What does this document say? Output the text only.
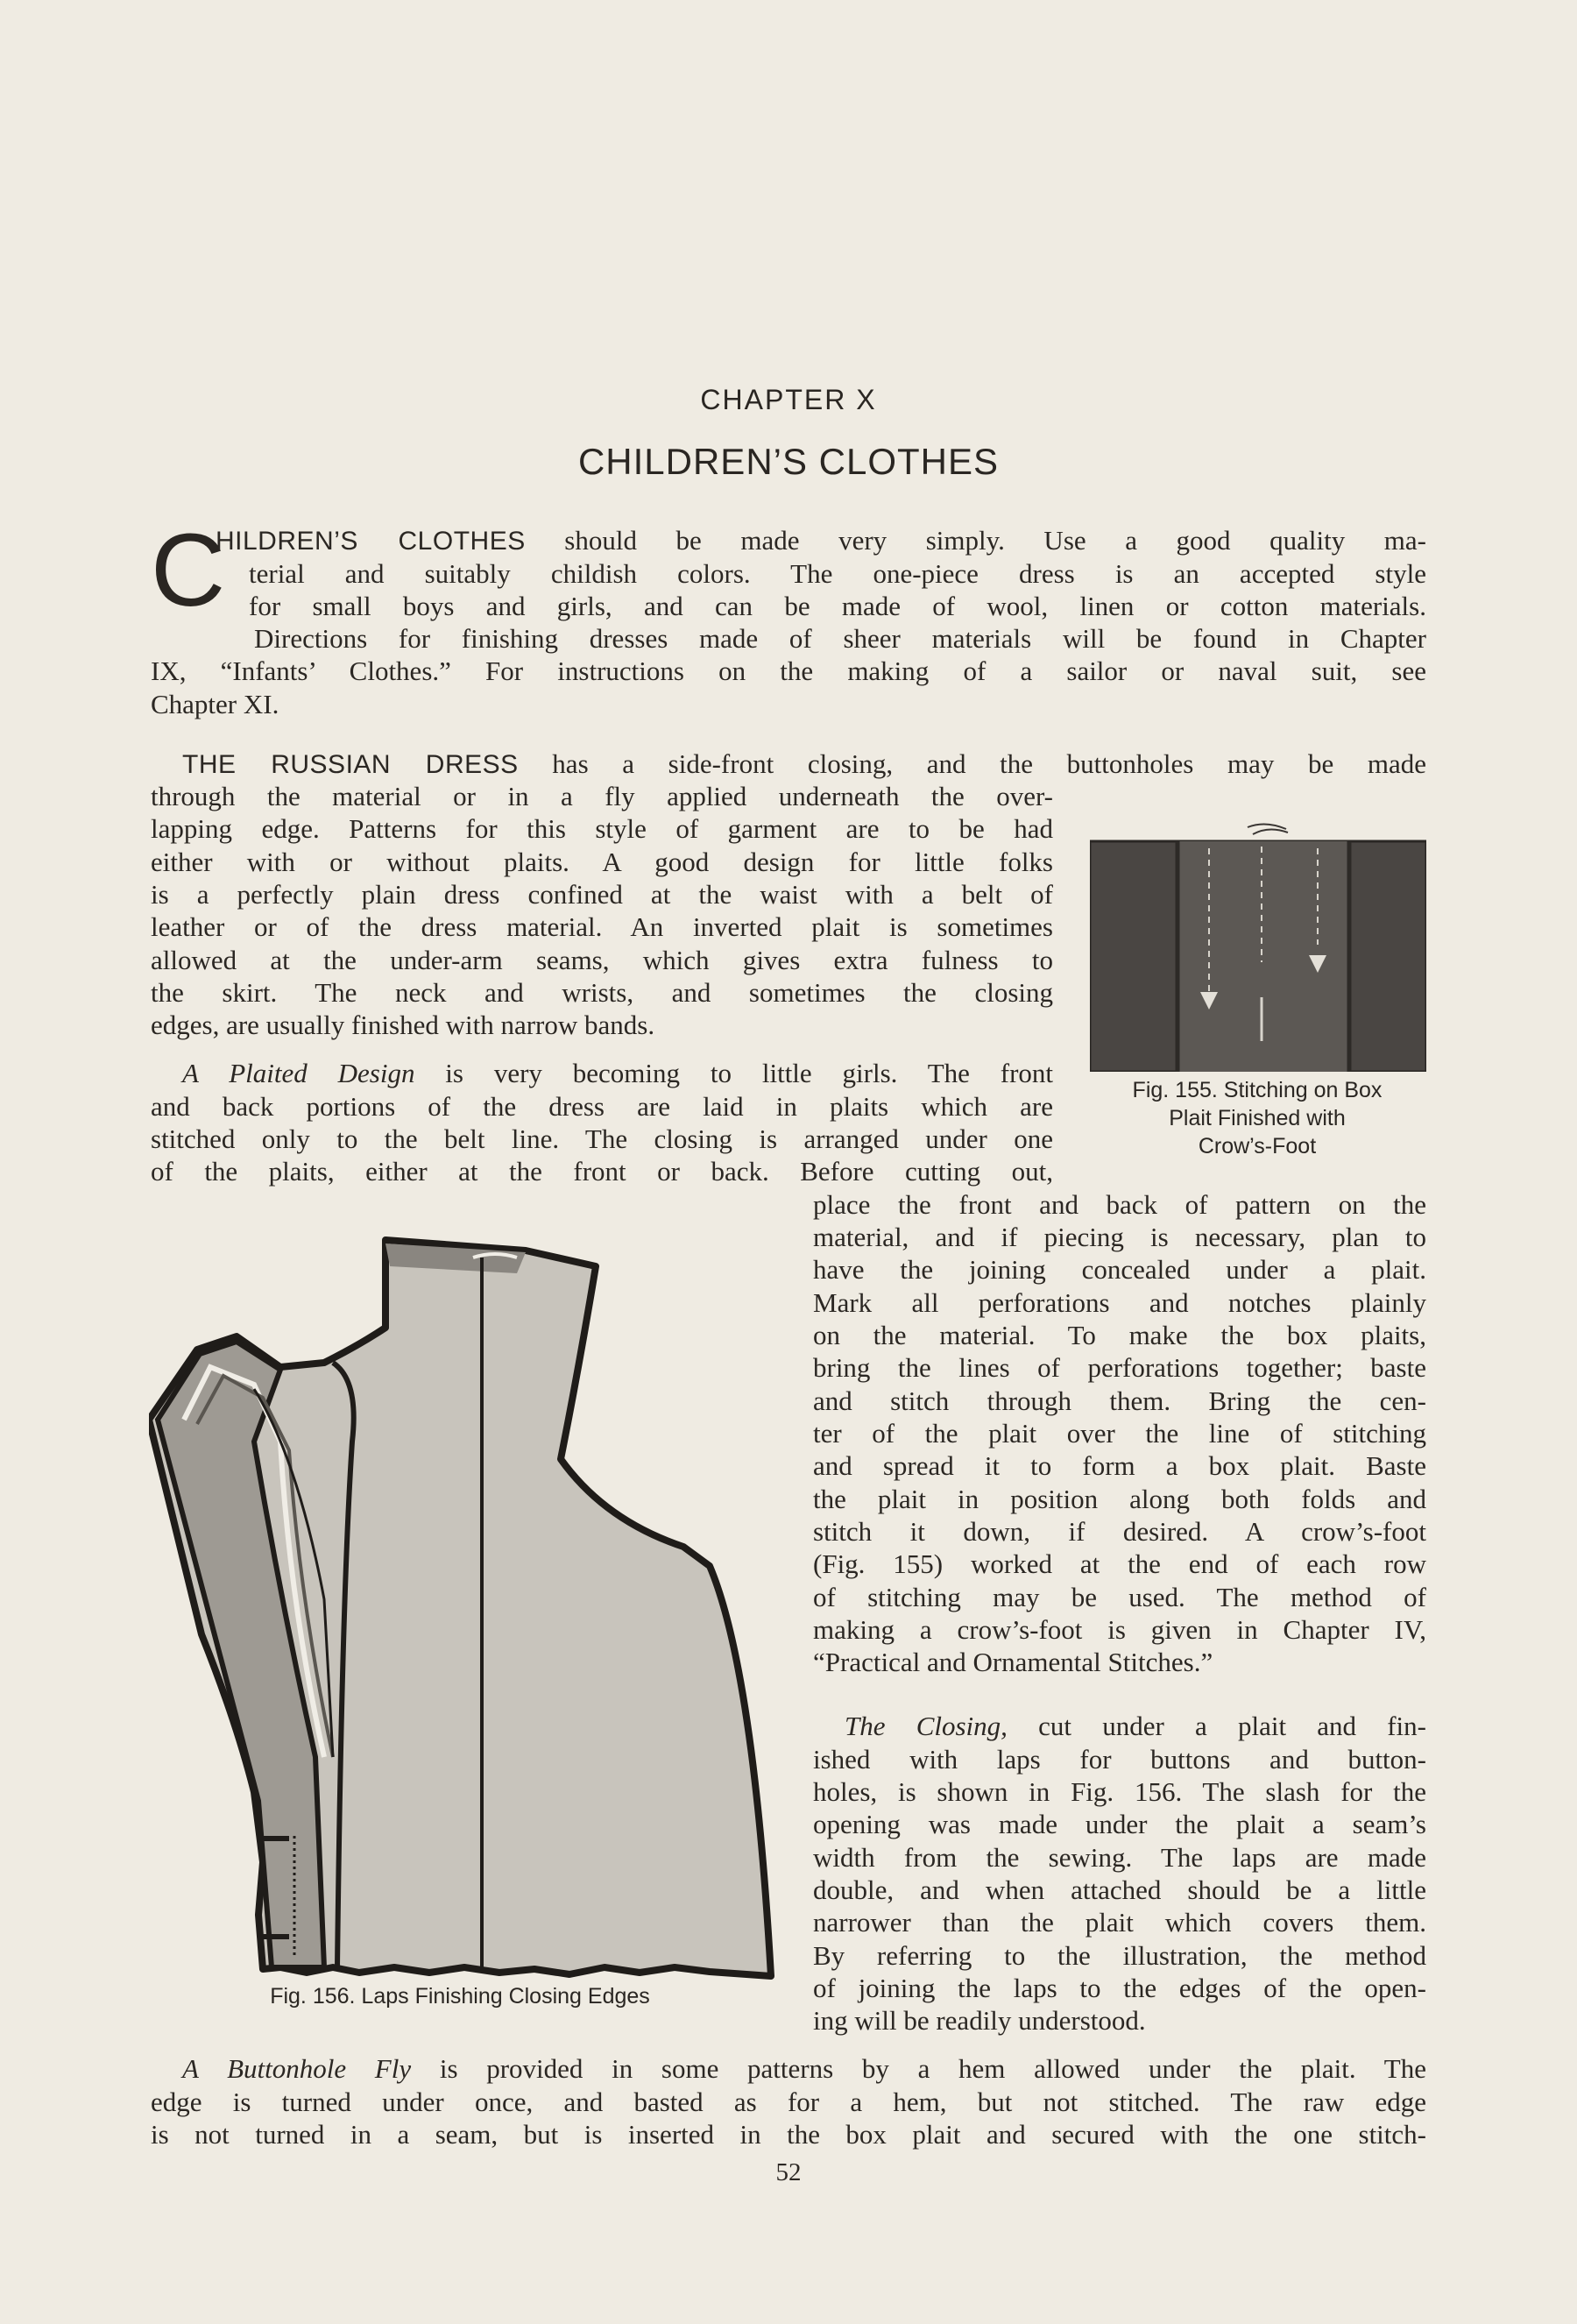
CHAPTER X
CHILDREN’S CLOTHES
C
HILDREN’S CLOTHES should be made very simply. Use a good quality ma-
terial and suitably childish colors. The one-piece dress is an accepted style
for small boys and girls, and can be made of wool, linen or cotton materials.
Directions for finishing dresses made of sheer materials will be found in Chapter
IX, “Infants’ Clothes.” For instructions on the making of a sailor or naval suit, see
Chapter XI.
THE RUSSIAN DRESS has a side-front closing, and the buttonholes may be made
through the material or in a fly applied underneath the over-
lapping edge. Patterns for this style of garment are to be had
either with or without plaits. A good design for little folks
is a perfectly plain dress confined at the waist with a belt of
leather or of the dress material. An inverted plait is sometimes
allowed at the under-arm seams, which gives extra fulness to
the skirt. The neck and wrists, and sometimes the closing
edges, are usually finished with narrow bands.
A Plaited Design is very becoming to little girls. The front
and back portions of the dress are laid in plaits which are
stitched only to the belt line. The closing is arranged under one
of the plaits, either at the front or back. Before cutting out,
place the front and back of pattern on the
material, and if piecing is necessary, plan to
have the joining concealed under a plait.
Mark all perforations and notches plainly
on the material. To make the box plaits,
bring the lines of perforations together; baste
and stitch through them. Bring the cen-
ter of the plait over the line of stitching
and spread it to form a box plait. Baste
the plait in position along both folds and
stitch it down, if desired. A crow’s-foot
(Fig. 155) worked at the end of each row
of stitching may be used. The method of
making a crow’s-foot is given in Chapter IV,
“Practical and Ornamental Stitches.”
The Closing, cut under a plait and fin-
ished with laps for buttons and button-
holes, is shown in Fig. 156. The slash for the
opening was made under the plait a seam’s
width from the sewing. The laps are made
double, and when attached should be a little
narrower than the plait which covers them.
By referring to the illustration, the method
of joining the laps to the edges of the open-
ing will be readily understood.
A Buttonhole Fly is provided in some patterns by a hem allowed under the plait. The
edge is turned under once, and basted as for a hem, but not stitched. The raw edge
is not turned in a seam, but is inserted in the box plait and secured with the one stitch-
Fig. 155. Stitching on Box
Plait Finished with
Crow’s-Foot
Fig. 156. Laps Finishing Closing Edges
52
